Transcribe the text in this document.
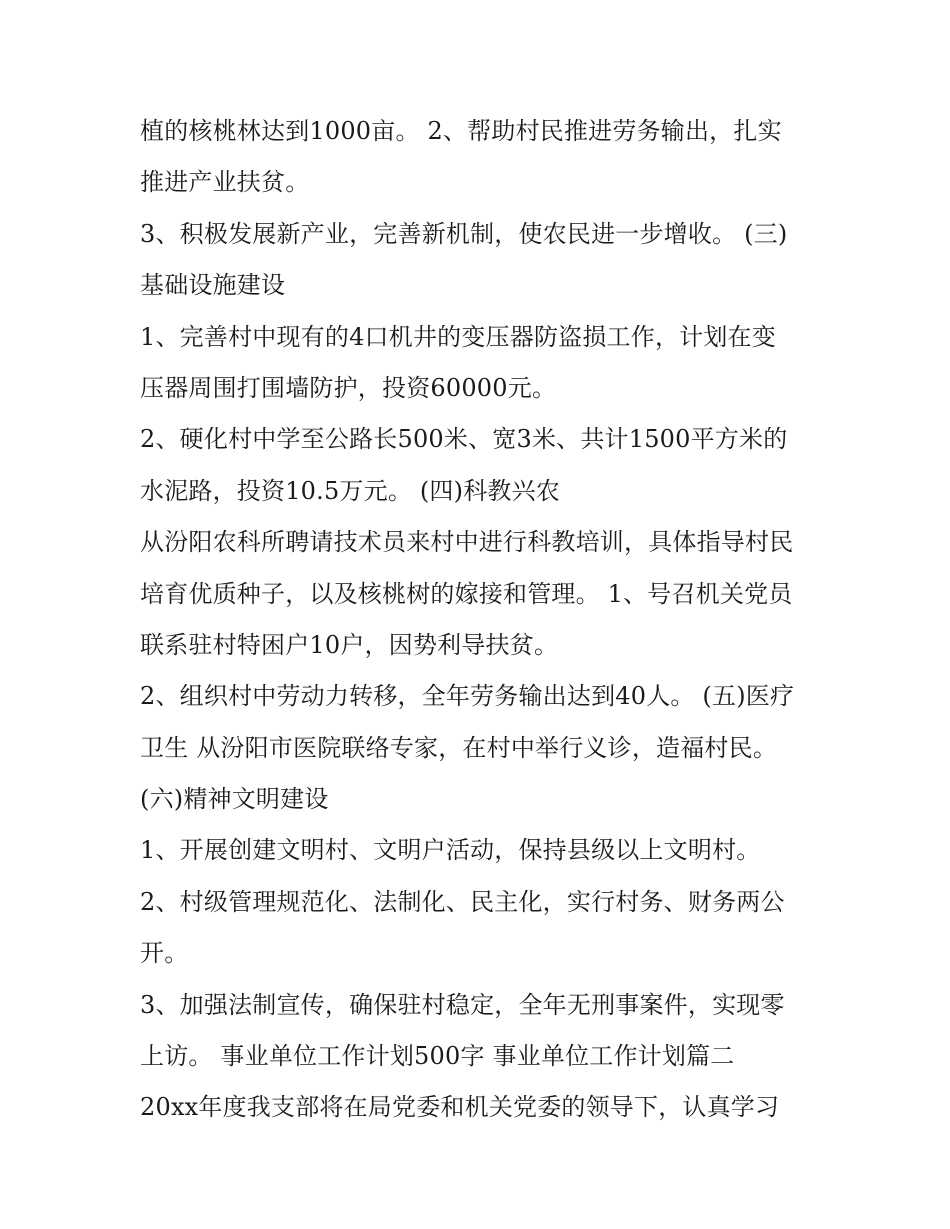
植的核桃林达到1000亩。 2、帮助村民推进劳务输出，扎实
推进产业扶贫。
3、积极发展新产业，完善新机制，使农民进一步增收。 (三)
基础设施建设
1、完善村中现有的4口机井的变压器防盗损工作，计划在变
压器周围打围墙防护，投资60000元。
2、硬化村中学至公路长500米、宽3米、共计1500平方米的
水泥路，投资10.5万元。 (四)科教兴农
从汾阳农科所聘请技术员来村中进行科教培训，具体指导村民
培育优质种子，以及核桃树的嫁接和管理。 1、号召机关党员
联系驻村特困户10户，因势利导扶贫。
2、组织村中劳动力转移，全年劳务输出达到40人。 (五)医疗
卫生 从汾阳市医院联络专家，在村中举行义诊，造福村民。
(六)精神文明建设
1、开展创建文明村、文明户活动，保持县级以上文明村。
2、村级管理规范化、法制化、民主化，实行村务、财务两公
开。
3、加强法制宣传，确保驻村稳定，全年无刑事案件，实现零
上访。 事业单位工作计划500字 事业单位工作计划篇二
20xx年度我支部将在局党委和机关党委的领导下，认真学习
